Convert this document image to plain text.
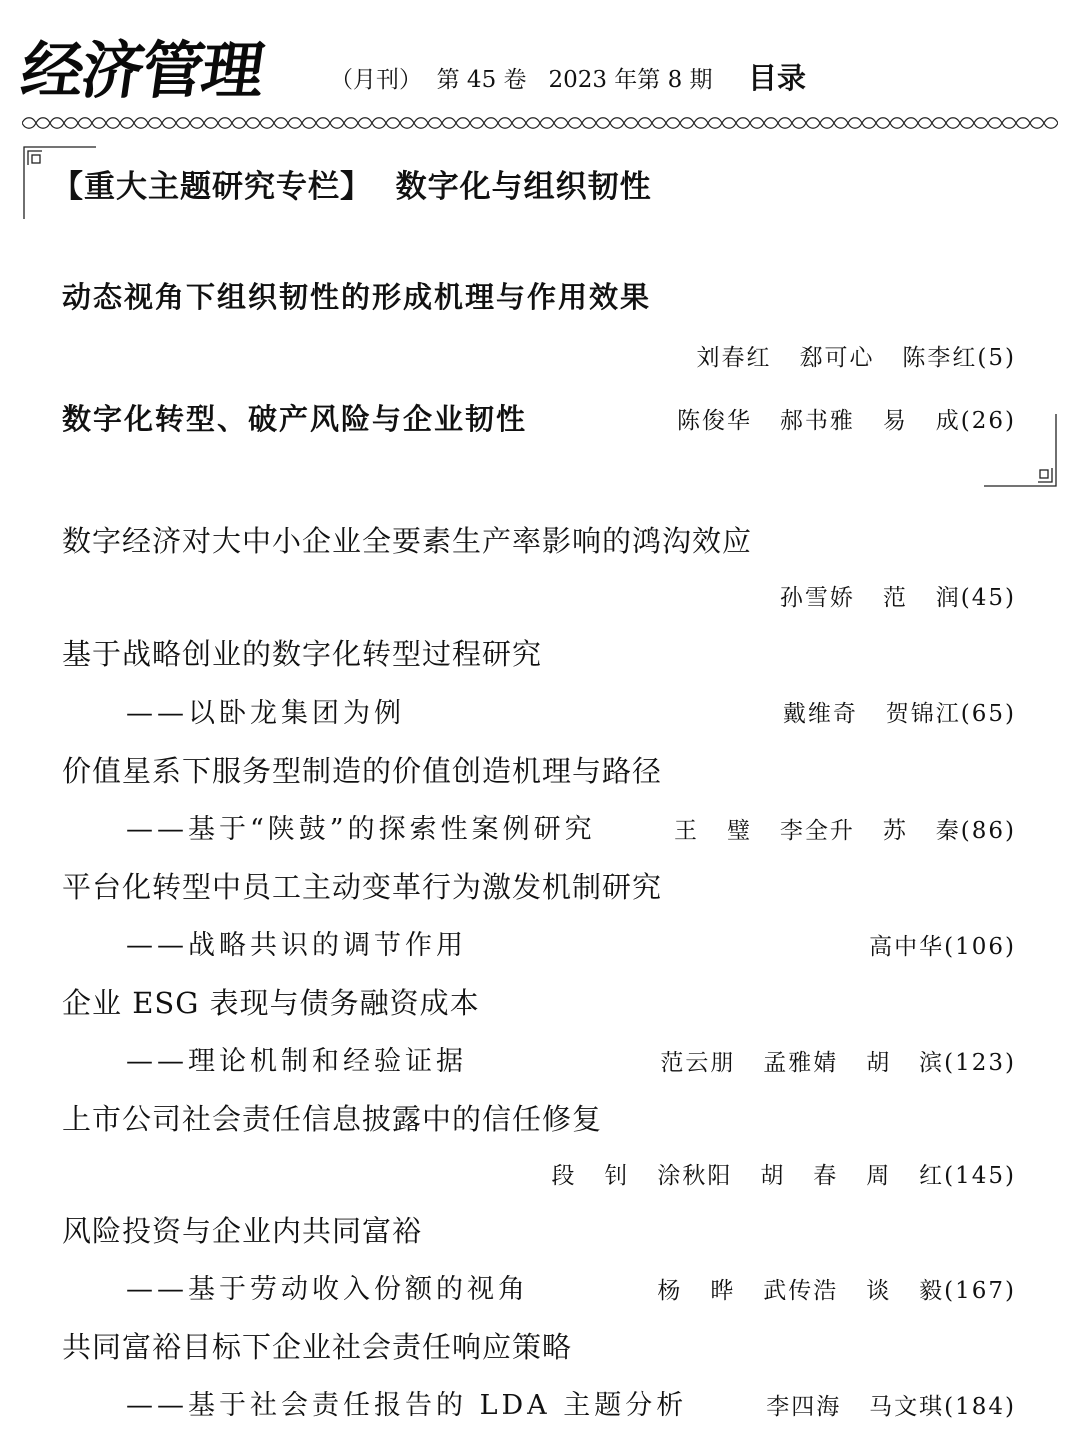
经济管理	（月刊）  第 45 卷   2023 年第 8 期 目录
【重大主题研究专栏】  数字化与组织韧性
动态视角下组织韧性的形成机理与作用效果
刘春红   郄可心   陈李红(5)
数字化转型、破产风险与企业韧性	陈俊华   郝书雅   易   成(26)
数字经济对大中小企业全要素生产率影响的鸿沟效应
孙雪娇   范   润(45)
基于战略创业的数字化转型过程研究
——以卧龙集团为例	戴维奇   贺锦江(65)
价值星系下服务型制造的价值创造机理与路径
——基于“陕鼓”的探索性案例研究	王   璧   李全升   苏   秦(86)
平台化转型中员工主动变革行为激发机制研究
——战略共识的调节作用	高中华(106)
企业 ESG 表现与债务融资成本
——理论机制和经验证据	范云朋   孟雅婧   胡   滨(123)
上市公司社会责任信息披露中的信任修复
段   钊   涂秋阳   胡   春   周   红(145)
风险投资与企业内共同富裕
——基于劳动收入份额的视角	杨   晔   武传浩   谈   毅(167)
共同富裕目标下企业社会责任响应策略
——基于社会责任报告的 LDA 主题分析	李四海   马文琪(184)
